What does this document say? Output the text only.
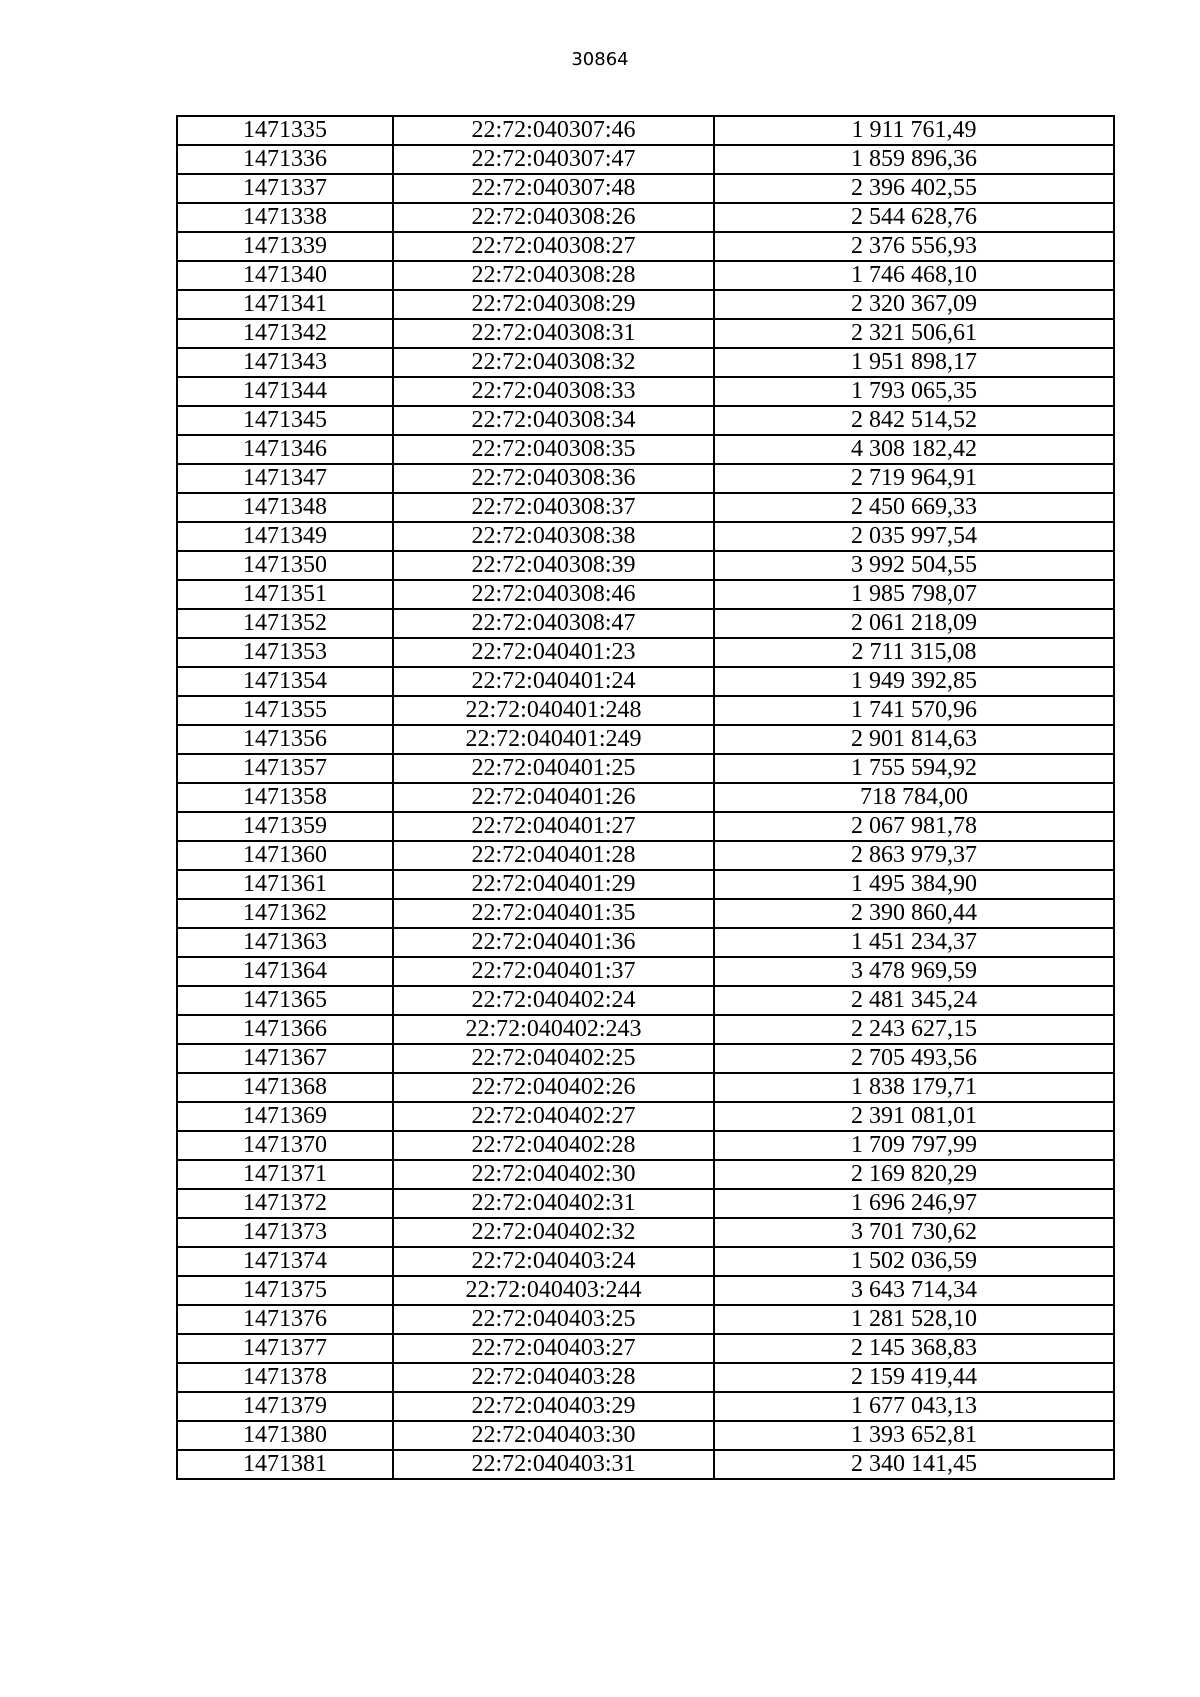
30864
1471335	22:72:040307:46	1 911 761,49
1471336	22:72:040307:47	1 859 896,36
1471337	22:72:040307:48	2 396 402,55
1471338	22:72:040308:26	2 544 628,76
1471339	22:72:040308:27	2 376 556,93
1471340	22:72:040308:28	1 746 468,10
1471341	22:72:040308:29	2 320 367,09
1471342	22:72:040308:31	2 321 506,61
1471343	22:72:040308:32	1 951 898,17
1471344	22:72:040308:33	1 793 065,35
1471345	22:72:040308:34	2 842 514,52
1471346	22:72:040308:35	4 308 182,42
1471347	22:72:040308:36	2 719 964,91
1471348	22:72:040308:37	2 450 669,33
1471349	22:72:040308:38	2 035 997,54
1471350	22:72:040308:39	3 992 504,55
1471351	22:72:040308:46	1 985 798,07
1471352	22:72:040308:47	2 061 218,09
1471353	22:72:040401:23	2 711 315,08
1471354	22:72:040401:24	1 949 392,85
1471355	22:72:040401:248	1 741 570,96
1471356	22:72:040401:249	2 901 814,63
1471357	22:72:040401:25	1 755 594,92
1471358	22:72:040401:26	718 784,00
1471359	22:72:040401:27	2 067 981,78
1471360	22:72:040401:28	2 863 979,37
1471361	22:72:040401:29	1 495 384,90
1471362	22:72:040401:35	2 390 860,44
1471363	22:72:040401:36	1 451 234,37
1471364	22:72:040401:37	3 478 969,59
1471365	22:72:040402:24	2 481 345,24
1471366	22:72:040402:243	2 243 627,15
1471367	22:72:040402:25	2 705 493,56
1471368	22:72:040402:26	1 838 179,71
1471369	22:72:040402:27	2 391 081,01
1471370	22:72:040402:28	1 709 797,99
1471371	22:72:040402:30	2 169 820,29
1471372	22:72:040402:31	1 696 246,97
1471373	22:72:040402:32	3 701 730,62
1471374	22:72:040403:24	1 502 036,59
1471375	22:72:040403:244	3 643 714,34
1471376	22:72:040403:25	1 281 528,10
1471377	22:72:040403:27	2 145 368,83
1471378	22:72:040403:28	2 159 419,44
1471379	22:72:040403:29	1 677 043,13
1471380	22:72:040403:30	1 393 652,81
1471381	22:72:040403:31	2 340 141,45
